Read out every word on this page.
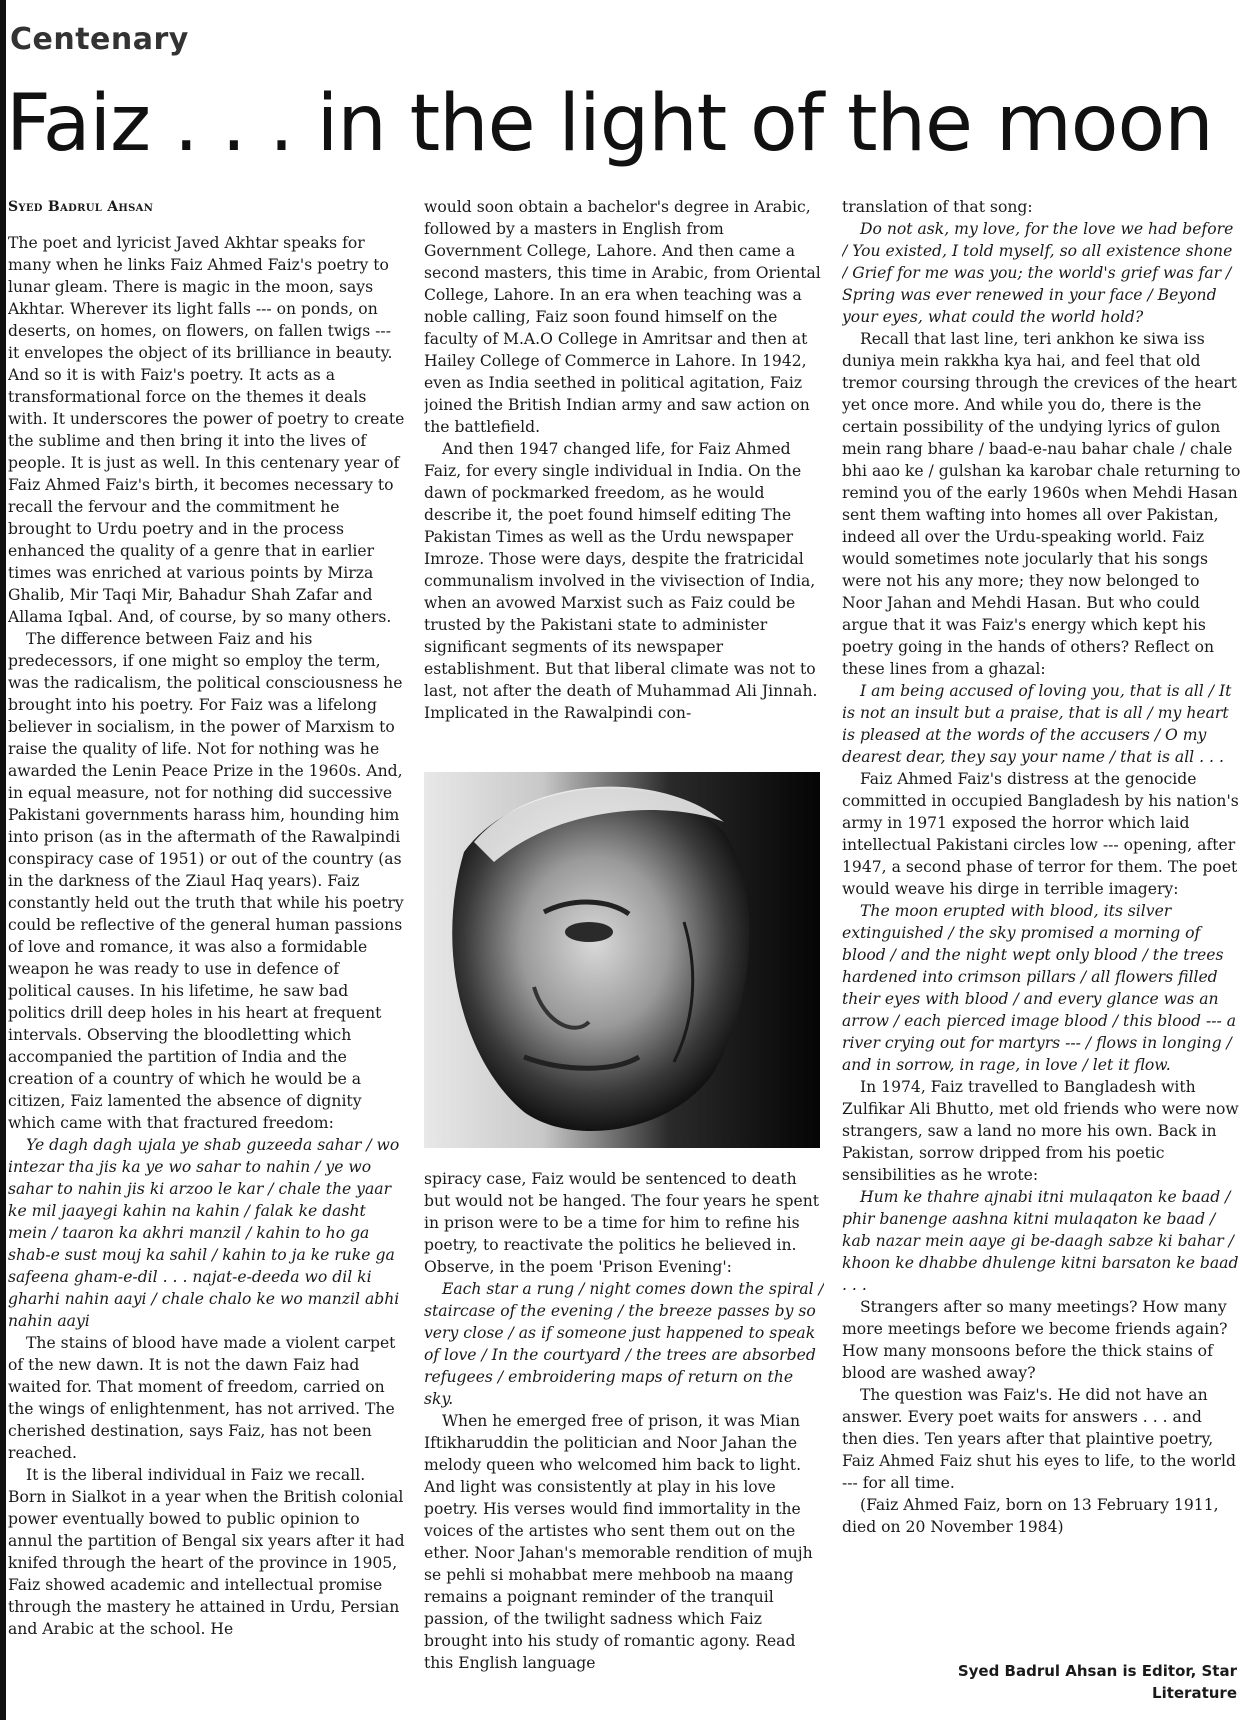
Centenary
Faiz . . . in the light of the moon

Syed Badrul Ahsan

The poet and lyricist Javed Akhtar speaks for many when he links Faiz Ahmed Faiz's poetry to lunar gleam. There is magic in the moon, says Akhtar. Wherever its light falls --- on ponds, on deserts, on homes, on flowers, on fallen twigs --- it envelopes the object of its brilliance in beauty. And so it is with Faiz's poetry. It acts as a transformational force on the themes it deals with. It underscores the power of poetry to create the sublime and then bring it into the lives of people. It is just as well. In this centenary year of Faiz Ahmed Faiz's birth, it becomes necessary to recall the fervour and the commitment he brought to Urdu poetry and in the process enhanced the quality of a genre that in earlier times was enriched at various points by Mirza Ghalib, Mir Taqi Mir, Bahadur Shah Zafar and Allama Iqbal. And, of course, by so many others.

The difference between Faiz and his predecessors, if one might so employ the term, was the radicalism, the political consciousness he brought into his poetry. For Faiz was a lifelong believer in socialism, in the power of Marxism to raise the quality of life. Not for nothing was he awarded the Lenin Peace Prize in the 1960s. And, in equal measure, not for nothing did successive Pakistani governments harass him, hounding him into prison (as in the aftermath of the Rawalpindi conspiracy case of 1951) or out of the country (as in the darkness of the Ziaul Haq years). Faiz constantly held out the truth that while his poetry could be reflective of the general human passions of love and romance, it was also a formidable weapon he was ready to use in defence of political causes. In his lifetime, he saw bad politics drill deep holes in his heart at frequent intervals. Observing the bloodletting which accompanied the partition of India and the creation of a country of which he would be a citizen, Faiz lamented the absence of dignity which came with that fractured freedom:

Ye dagh dagh ujala ye shab guzeeda sahar / wo intezar tha jis ka ye wo sahar to nahin / ye wo sahar to nahin jis ki arzoo le kar / chale the yaar ke mil jaayegi kahin na kahin / falak ke dasht mein / taaron ka akhri manzil / kahin to ho ga shab-e sust mouj ka sahil / kahin to ja ke ruke ga safeena gham-e-dil . . . najat-e-deeda wo dil ki gharhi nahin aayi / chale chalo ke wo manzil abhi nahin aayi

The stains of blood have made a violent carpet of the new dawn. It is not the dawn Faiz had waited for. That moment of freedom, carried on the wings of enlightenment, has not arrived. The cherished destination, says Faiz, has not been reached.

It is the liberal individual in Faiz we recall. Born in Sialkot in a year when the British colonial power eventually bowed to public opinion to annul the partition of Bengal six years after it had knifed through the heart of the province in 1905, Faiz showed academic and intellectual promise through the mastery he attained in Urdu, Persian and Arabic at the school. He

would soon obtain a bachelor's degree in Arabic, followed by a masters in English from Government College, Lahore. And then came a second masters, this time in Arabic, from Oriental College, Lahore. In an era when teaching was a noble calling, Faiz soon found himself on the faculty of M.A.O College in Amritsar and then at Hailey College of Commerce in Lahore. In 1942, even as India seethed in political agitation, Faiz joined the British Indian army and saw action on the battlefield.

And then 1947 changed life, for Faiz Ahmed Faiz, for every single individual in India. On the dawn of pockmarked freedom, as he would describe it, the poet found himself editing The Pakistan Times as well as the Urdu newspaper Imroze. Those were days, despite the fratricidal communalism involved in the vivisection of India, when an avowed Marxist such as Faiz could be trusted by the Pakistani state to administer significant segments of its newspaper establishment. But that liberal climate was not to last, not after the death of Muhammad Ali Jinnah. Implicated in the Rawalpindi con-

spiracy case, Faiz would be sentenced to death but would not be hanged. The four years he spent in prison were to be a time for him to refine his poetry, to reactivate the politics he believed in. Observe, in the poem 'Prison Evening':

Each star a rung / night comes down the spiral / staircase of the evening / the breeze passes by so very close / as if someone just happened to speak of love / In the courtyard / the trees are absorbed refugees / embroidering maps of return on the sky.

When he emerged free of prison, it was Mian Iftikharuddin the politician and Noor Jahan the melody queen who welcomed him back to light. And light was consistently at play in his love poetry. His verses would find immortality in the voices of the artistes who sent them out on the ether. Noor Jahan's memorable rendition of mujh se pehli si mohabbat mere mehboob na maang remains a poignant reminder of the tranquil passion, of the twilight sadness which Faiz brought into his study of romantic agony. Read this English language

translation of that song:

Do not ask, my love, for the love we had before / You existed, I told myself, so all existence shone / Grief for me was you; the world's grief was far / Spring was ever renewed in your face / Beyond your eyes, what could the world hold?

Recall that last line, teri ankhon ke siwa iss duniya mein rakkha kya hai, and feel that old tremor coursing through the crevices of the heart yet once more. And while you do, there is the certain possibility of the undying lyrics of gulon mein rang bhare / baad-e-nau bahar chale / chale bhi aao ke / gulshan ka karobar chale returning to remind you of the early 1960s when Mehdi Hasan sent them wafting into homes all over Pakistan, indeed all over the Urdu-speaking world. Faiz would sometimes note jocularly that his songs were not his any more; they now belonged to Noor Jahan and Mehdi Hasan. But who could argue that it was Faiz's energy which kept his poetry going in the hands of others? Reflect on these lines from a ghazal:

I am being accused of loving you, that is all / It is not an insult but a praise, that is all / my heart is pleased at the words of the accusers / O my dearest dear, they say your name / that is all . . .

Faiz Ahmed Faiz's distress at the genocide committed in occupied Bangladesh by his nation's army in 1971 exposed the horror which laid intellectual Pakistani circles low --- opening, after 1947, a second phase of terror for them. The poet would weave his dirge in terrible imagery:

The moon erupted with blood, its silver extinguished / the sky promised a morning of blood / and the night wept only blood / the trees hardened into crimson pillars / all flowers filled their eyes with blood / and every glance was an arrow / each pierced image blood / this blood --- a river crying out for martyrs --- / flows in longing / and in sorrow, in rage, in love / let it flow.

In 1974, Faiz travelled to Bangladesh with Zulfikar Ali Bhutto, met old friends who were now strangers, saw a land no more his own. Back in Pakistan, sorrow dripped from his poetic sensibilities as he wrote:

Hum ke thahre ajnabi itni mulaqaton ke baad / phir banenge aashna kitni mulaqaton ke baad / kab nazar mein aaye gi be-daagh sabze ki bahar / khoon ke dhabbe dhulenge kitni barsaton ke baad . . .

Strangers after so many meetings? How many more meetings before we become friends again? How many monsoons before the thick stains of blood are washed away?

The question was Faiz's. He did not have an answer. Every poet waits for answers . . . and then dies. Ten years after that plaintive poetry, Faiz Ahmed Faiz shut his eyes to life, to the world --- for all time.

(Faiz Ahmed Faiz, born on 13 February 1911, died on 20 November 1984)

Syed Badrul Ahsan is Editor, Star Literature
